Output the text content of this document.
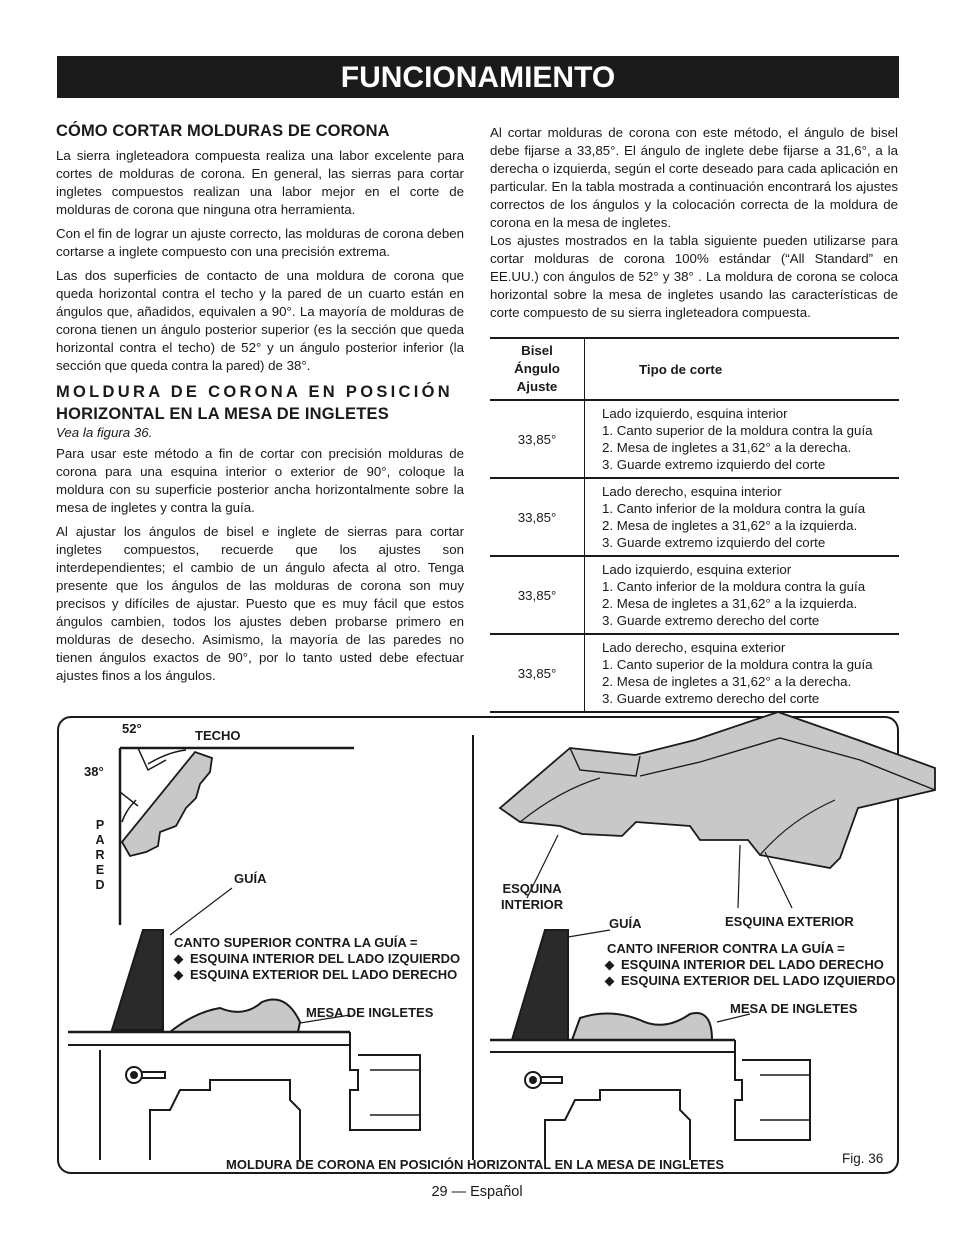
FUNCIONAMIENTO
CÓMO CORTAR MOLDURAS DE CORONA

La sierra ingleteadora compuesta realiza una labor excelente para cortes de molduras de corona. En general, las sierras para cortar ingletes compuestos realizan una labor mejor en el corte de molduras de corona que ninguna otra herramienta.

Con el fin de lograr un ajuste correcto, las molduras de corona deben cortarse a inglete compuesto con una precisión extrema.

Las dos superficies de contacto de una moldura de corona que queda horizontal contra el techo y la pared de un cuarto están en ángulos que, añadidos, equivalen a 90°. La mayoría de molduras de corona tienen un ángulo posterior superior (es la sección que queda horizontal contra el techo) de 52° y un ángulo posterior inferior (la sección que queda contra la pared) de 38°.

MOLDURA DE CORONA EN POSICIÓN
HORIZONTAL EN LA MESA DE INGLETES
Vea la figura 36.

Para usar este método a fin de cortar con precisión molduras de corona para una esquina interior o exterior de 90°, coloque la moldura con su superficie posterior ancha horizontalmente sobre la mesa de ingletes y contra la guía.

Al ajustar los ángulos de bisel e inglete de sierras para cortar ingletes compuestos, recuerde que los ajustes son interdependientes; el cambio de un ángulo afecta al otro. Tenga presente que los ángulos de las molduras de corona son muy precisos y difíciles de ajustar. Puesto que es muy fácil que estos ángulos cambien, todos los ajustes deben probarse primero en molduras de desecho. Asimismo, la mayoría de las paredes no tienen ángulos exactos de 90°, por lo tanto usted debe efectuar ajustes finos a los ángulos.

Al cortar molduras de corona con este método, el ángulo de bisel debe fijarse a 33,85°. El ángulo de inglete debe fijarse a 31,6°, a la derecha o izquierda, según el corte deseado para cada aplicación en particular. En la tabla mostrada a continuación encontrará los ajustes correctos de los ángulos y la colocación correcta de la moldura de corona en la mesa de ingletes.

Los ajustes mostrados en la tabla siguiente pueden utilizarse para cortar molduras de corona 100% estándar (“All Standard” en EE.UU.) con ángulos de 52° y 38° . La moldura de corona se coloca horizontal sobre la mesa de ingletes usando las características de corte compuesto de su sierra ingleteadora compuesta.

Bisel
Ángulo
Ajuste	Tipo de corte
33,85°	Lado izquierdo, esquina interior
1. Canto superior de la moldura contra la guía
2. Mesa de ingletes a 31,62° a la derecha.
3. Guarde extremo izquierdo del corte

33,85°	Lado derecho, esquina interior
1. Canto inferior de la moldura contra la guía
2. Mesa de ingletes a 31,62° a la izquierda.
3. Guarde extremo izquierdo del corte

33,85°	Lado izquierdo, esquina exterior
1. Canto inferior de la moldura contra la guía
2. Mesa de ingletes a 31,62° a la izquierda.
3. Guarde extremo derecho del corte

33,85°	Lado derecho, esquina exterior
1. Canto superior de la moldura contra la guía
2. Mesa de ingletes a 31,62° a la derecha.
3. Guarde extremo derecho del corte
52°	TECHO
38°
P
A
R
E
D	GUÍA
CANTO SUPERIOR CONTRA LA GUÍA =
ESQUINA INTERIOR DEL LADO IZQUIERDO
ESQUINA EXTERIOR DEL LADO DERECHO
MESA DE INGLETES
ESQUINA
INTERIOR
GUÍA	ESQUINA EXTERIOR
CANTO INFERIOR CONTRA LA GUÍA =
ESQUINA INTERIOR DEL LADO DERECHO
ESQUINA EXTERIOR DEL LADO IZQUIERDO
MESA DE INGLETES
MOLDURA DE CORONA EN POSICIÓN HORIZONTAL EN LA MESA DE INGLETES	Fig. 36
29 — Español
